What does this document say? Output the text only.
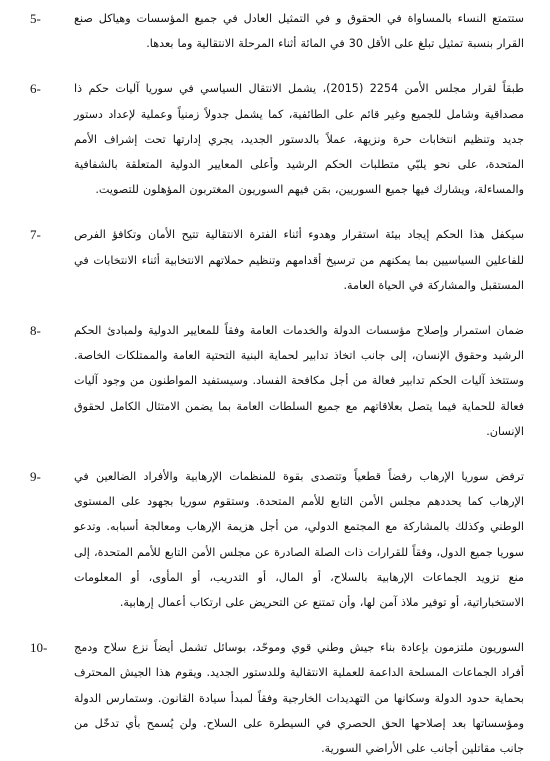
5-	ستتمتع النساء بالمساواة في الحقوق و في التمثيل العادل في جميع المؤسسات وهياكل صنع القرار بنسبة تمثيل تبلغ على الأقل 30 في المائة أثناء المرحلة الانتقالية وما بعدها.
6-	طبقاً لقرار مجلس الأمن 2254 (2015)، يشمل الانتقال السياسي في سوريا آليات حكم ذا مصداقية وشامل للجميع وغير قائم على الطائفية، كما يشمل جدولاً زمنياً وعملية لإعداد دستور جديد وتنظيم انتخابات حرة ونزيهة، عملاً بالدستور الجديد، يجري إدارتها تحت إشراف الأمم المتحدة، على نحو يلبّي متطلبات الحكم الرشيد وأعلى المعايير الدولية المتعلقة بالشفافية والمساءلة، ويشارك فيها جميع السوريين، بمَن فيهم السوريون المغتربون المؤهلون للتصويت.
7-	سيكفل هذا الحكم إيجاد بيئة استقرار وهدوء أثناء الفترة الانتقالية تتيح الأمان وتكافؤ الفرص للفاعلين السياسيين بما يمكنهم من ترسيخ أقدامهم وتنظيم حملاتهم الانتخابية أثناء الانتخابات في المستقبل والمشاركة في الحياة العامة.
8-	ضمان استمرار وإصلاح مؤسسات الدولة والخدمات العامة وفقاً للمعايير الدولية ولمبادئ الحكم الرشيد وحقوق الإنسان، إلى جانب اتخاذ تدابير لحماية البنية التحتية العامة والممتلكات الخاصة. وستتخذ آليات الحكم تدابير فعالة من أجل مكافحة الفساد. وسيستفيد المواطنون من وجود آليات فعالة للحماية فيما يتصل بعلاقاتهم مع جميع السلطات العامة بما يضمن الامتثال الكامل لحقوق الإنسان.
9-	ترفض سوريا الإرهاب رفضاً قطعياً وتتصدى بقوة للمنظمات الإرهابية والأفراد الضالعين في الإرهاب كما يحددهم مجلس الأمن التابع للأمم المتحدة. وستقوم سوريا بجهود على المستوى الوطني وكذلك بالمشاركة مع المجتمع الدولي، من أجل هزيمة الإرهاب ومعالجة أسبابه. وتدعو سوريا جميع الدول، وفقاً للقرارات ذات الصلة الصادرة عن مجلس الأمن التابع للأمم المتحدة، إلى منع تزويد الجماعات الإرهابية بالسلاح، أو المال، أو التدريب، أو المأوى، أو المعلومات الاستخباراتية، أو توفير ملاذ آمن لها، وأن تمتنع عن التحريض على ارتكاب أعمال إرهابية.
10-	السوريون ملتزمون بإعادة بناء جيش وطني قوي وموحّد، بوسائل تشمل أيضاً نزع سلاح ودمج أفراد الجماعات المسلحة الداعمة للعملية الانتقالية وللدستور الجديد. ويقوم هذا الجيش المحترف بحماية حدود الدولة وسكانها من التهديدات الخارجية وفقاً لمبدأ سيادة القانون. وستمارس الدولة ومؤسساتها بعد إصلاحها الحق الحصري في السيطرة على السلاح. ولن يُسمح بأي تدخّل من جانب مقاتلين أجانب على الأراضي السورية.
